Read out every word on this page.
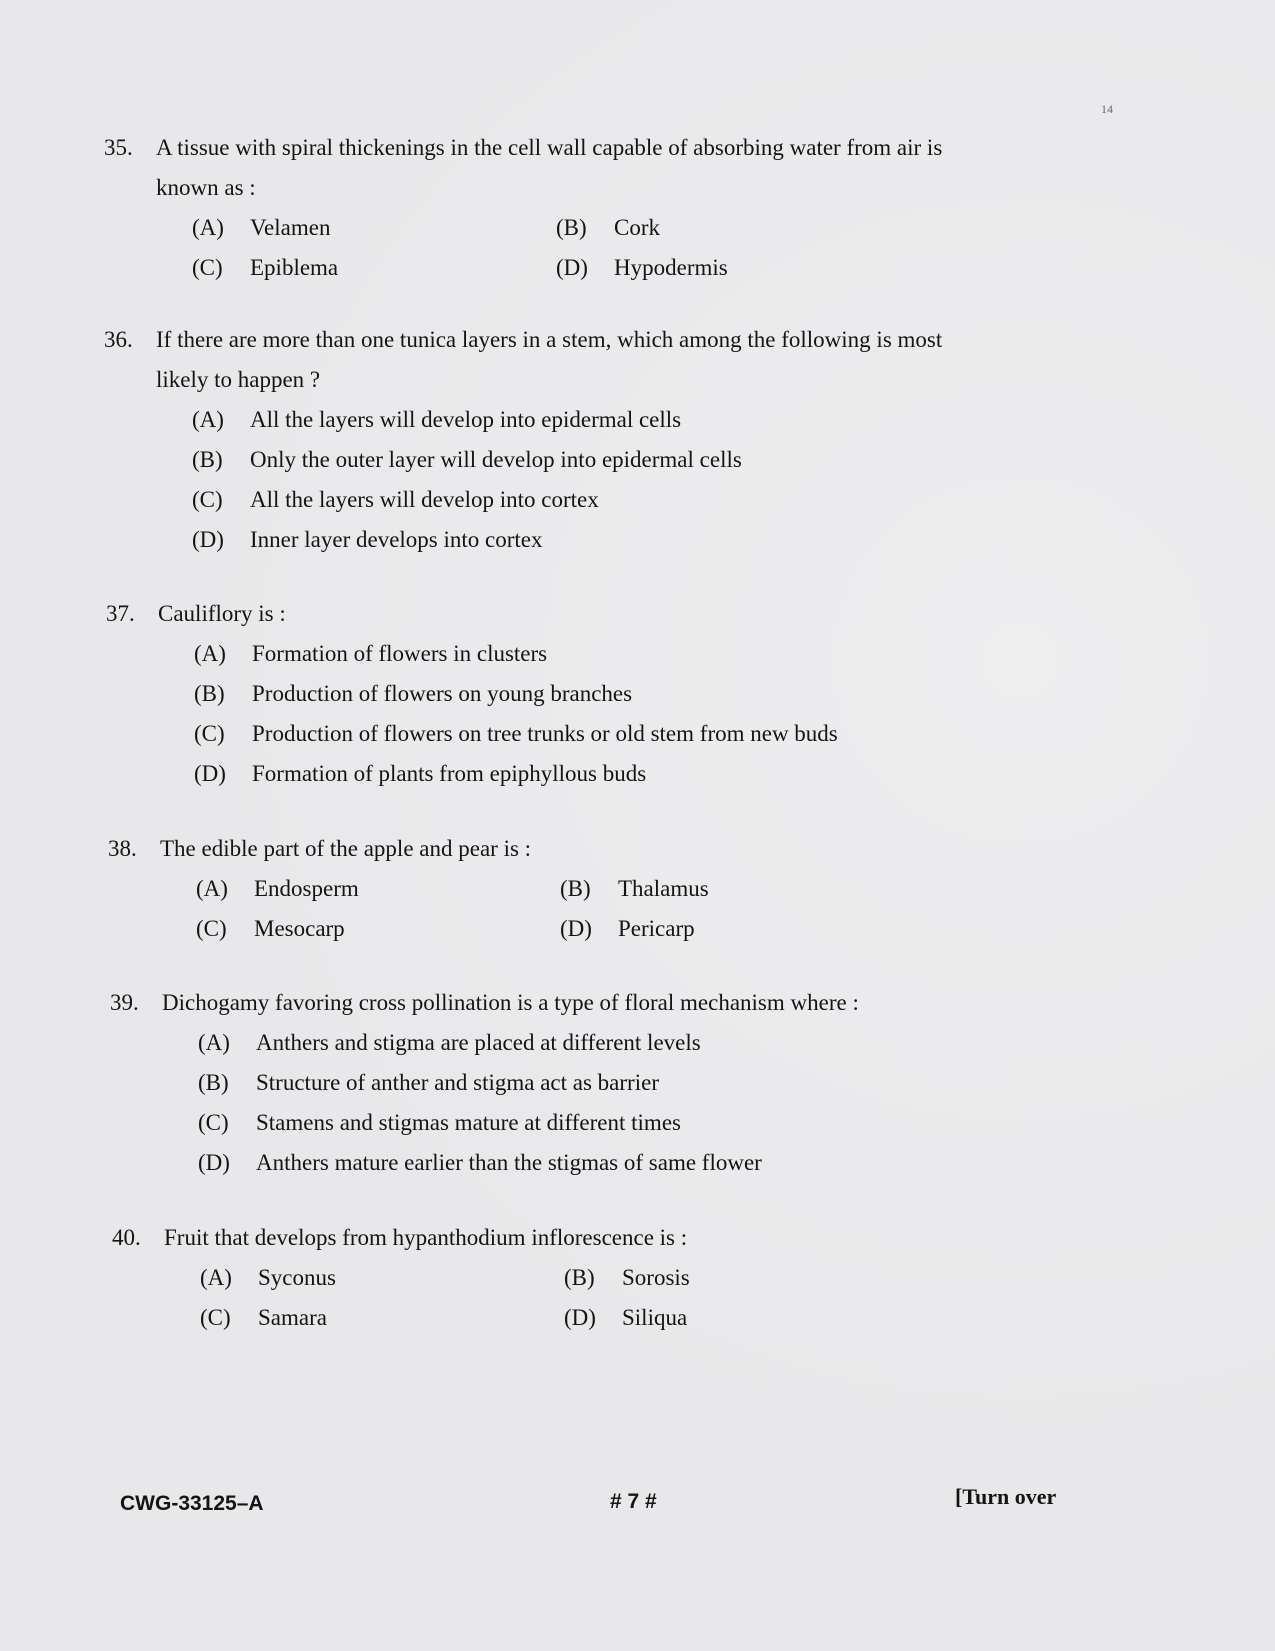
14
35.	A tissue with spiral thickenings in the cell wall capable of absorbing water from air is known as :
(A)	Velamen	(B)	Cork
(C)	Epiblema	(D)	Hypodermis
36.	If there are more than one tunica layers in a stem, which among the following is most likely to happen ?
(A)	All the layers will develop into epidermal cells
(B)	Only the outer layer will develop into epidermal cells
(C)	All the layers will develop into cortex
(D)	Inner layer develops into cortex
37.	Cauliflory is :
(A)	Formation of flowers in clusters
(B)	Production of flowers on young branches
(C)	Production of flowers on tree trunks or old stem from new buds
(D)	Formation of plants from epiphyllous buds
38.	The edible part of the apple and pear is :
(A)	Endosperm	(B)	Thalamus
(C)	Mesocarp	(D)	Pericarp
39.	Dichogamy favoring cross pollination is a type of floral mechanism where :
(A)	Anthers and stigma are placed at different levels
(B)	Structure of anther and stigma act as barrier
(C)	Stamens and stigmas mature at different times
(D)	Anthers mature earlier than the stigmas of same flower
40.	Fruit that develops from hypanthodium inflorescence is :
(A)	Syconus	(B)	Sorosis
(C)	Samara	(D)	Siliqua
CWG-33125–A	# 7 #	[Turn over
